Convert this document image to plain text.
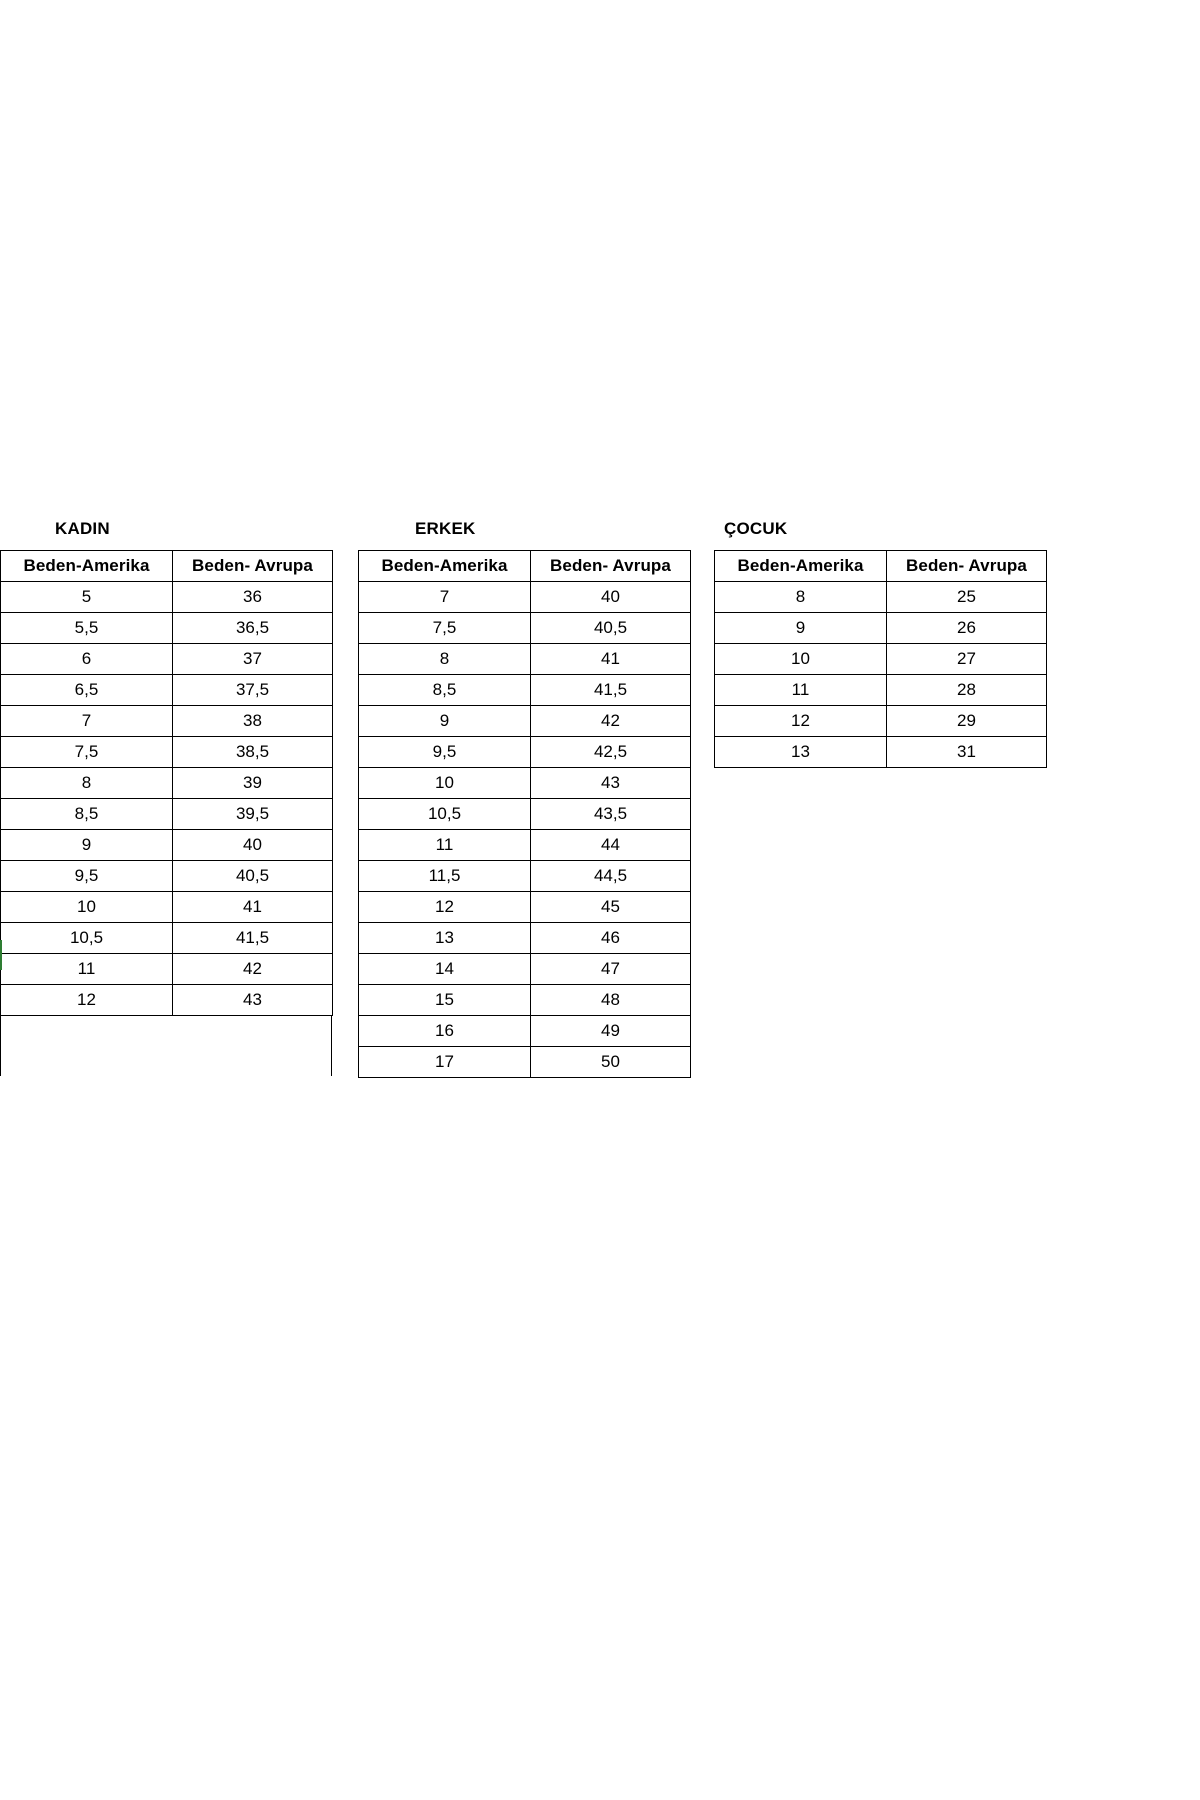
KADIN
Beden-Amerika	Beden- Avrupa
5	36
5,5	36,5
6	37
6,5	37,5
7	38
7,5	38,5
8	39
8,5	39,5
9	40
9,5	40,5
10	41
10,5	41,5
11	42
12	43
ERKEK
Beden-Amerika	Beden- Avrupa
7	40
7,5	40,5
8	41
8,5	41,5
9	42
9,5	42,5
10	43
10,5	43,5
11	44
11,5	44,5
12	45
13	46
14	47
15	48
16	49
17	50
ÇOCUK
Beden-Amerika	Beden- Avrupa
8	25
9	26
10	27
11	28
12	29
13	31
